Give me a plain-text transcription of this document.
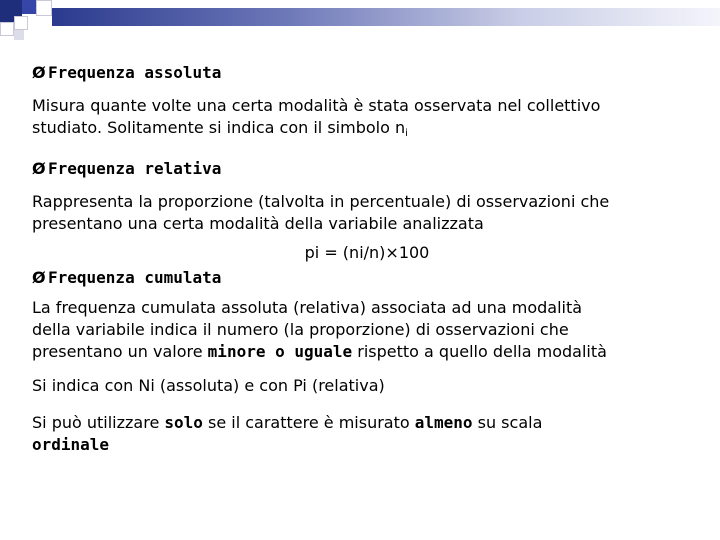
Ø Frequenza assoluta

Misura quante volte una certa modalità è stata osservata nel collettivo
studiato. Solitamente si indica con il simbolo $n_i$

Ø Frequenza relativa

Rappresenta la proporzione (talvolta in percentuale) di osservazioni che
presentano una certa modalità della variabile analizzata

pi = (ni/n)×100

Ø Frequenza cumulata

La frequenza cumulata assoluta (relativa) associata ad una modalità
della variabile indica il numero (la proporzione) di osservazioni che
presentano un valore minore o uguale rispetto a quello della modalità

Si indica con Ni (assoluta) e con Pi (relativa)

Si può utilizzare solo se il carattere è misurato almeno su scala
ordinale
